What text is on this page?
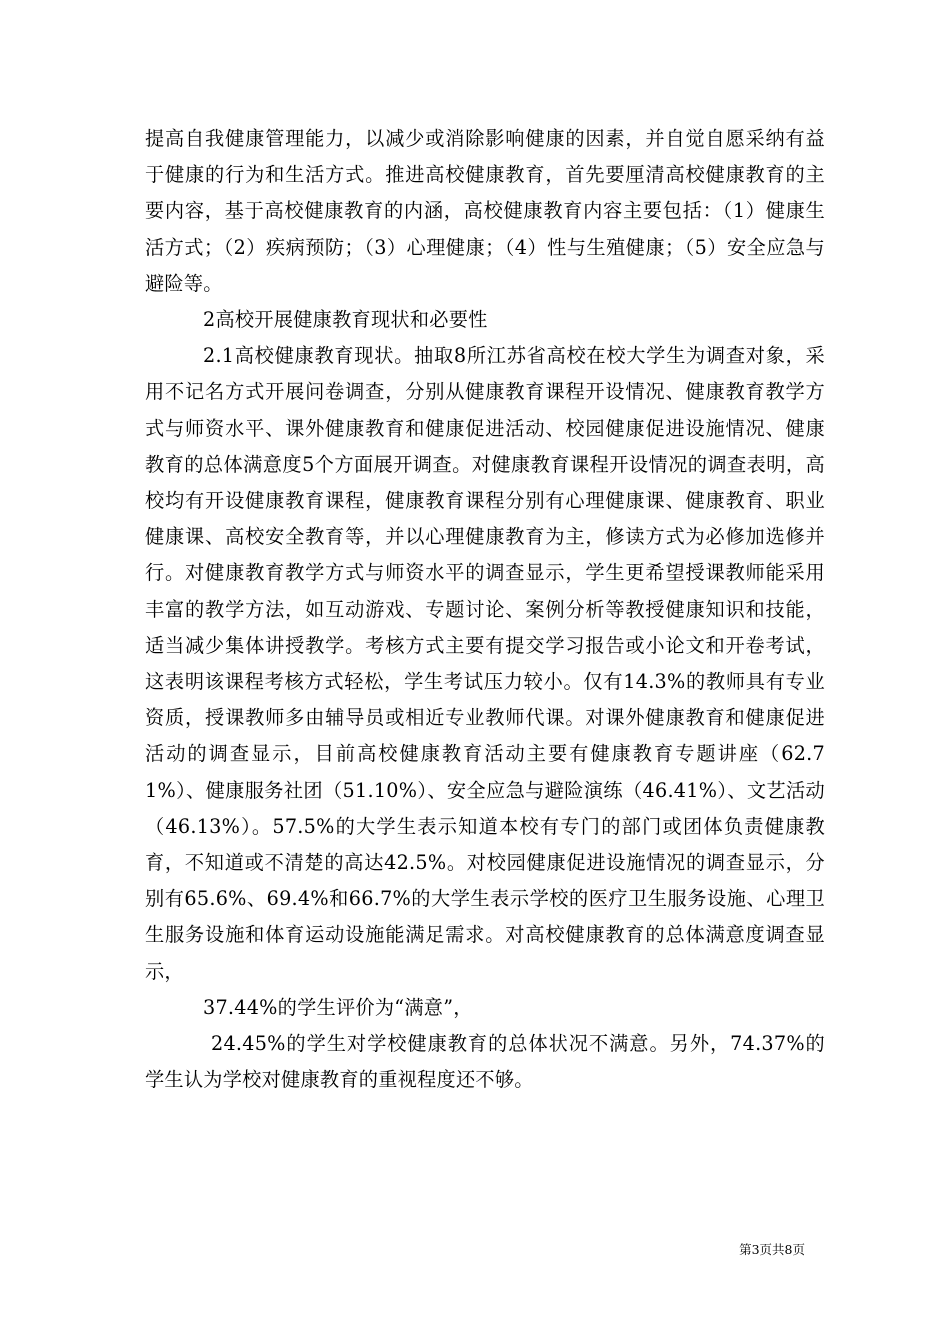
提高自我健康管理能力，以减少或消除影响健康的因素，并自觉自愿采纳有益于健康的行为和生活方式。推进高校健康教育，首先要厘清高校健康教育的主要内容，基于高校健康教育的内涵，高校健康教育内容主要包括：（1）健康生活方式；（2）疾病预防；（3）心理健康；（4）性与生殖健康；（5）安全应急与避险等。

2高校开展健康教育现状和必要性

2.1高校健康教育现状。抽取8所江苏省高校在校大学生为调查对象，采用不记名方式开展问卷调查，分别从健康教育课程开设情况、健康教育教学方式与师资水平、课外健康教育和健康促进活动、校园健康促进设施情况、健康教育的总体满意度5个方面展开调查。对健康教育课程开设情况的调查表明，高校均有开设健康教育课程，健康教育课程分别有心理健康课、健康教育、职业健康课、高校安全教育等，并以心理健康教育为主，修读方式为必修加选修并行。对健康教育教学方式与师资水平的调查显示，学生更希望授课教师能采用丰富的教学方法，如互动游戏、专题讨论、案例分析等教授健康知识和技能，适当减少集体讲授教学。考核方式主要有提交学习报告或小论文和开卷考试，这表明该课程考核方式轻松，学生考试压力较小。仅有14.3%的教师具有专业资质，授课教师多由辅导员或相近专业教师代课。对课外健康教育和健康促进活动的调查显示，目前高校健康教育活动主要有健康教育专题讲座（62.71%）、健康服务社团（51.10%）、安全应急与避险演练（46.41%）、文艺活动（46.13%）。57.5%的大学生表示知道本校有专门的部门或团体负责健康教育，不知道或不清楚的高达42.5%。对校园健康促进设施情况的调查显示，分别有65.6%、69.4%和66.7%的大学生表示学校的医疗卫生服务设施、心理卫生服务设施和体育运动设施能满足需求。对高校健康教育的总体满意度调查显示，

37.44%的学生评价为“满意”，

24.45%的学生对学校健康教育的总体状况不满意。另外，74.37%的学生认为学校对健康教育的重视程度还不够。

第3页共8页
